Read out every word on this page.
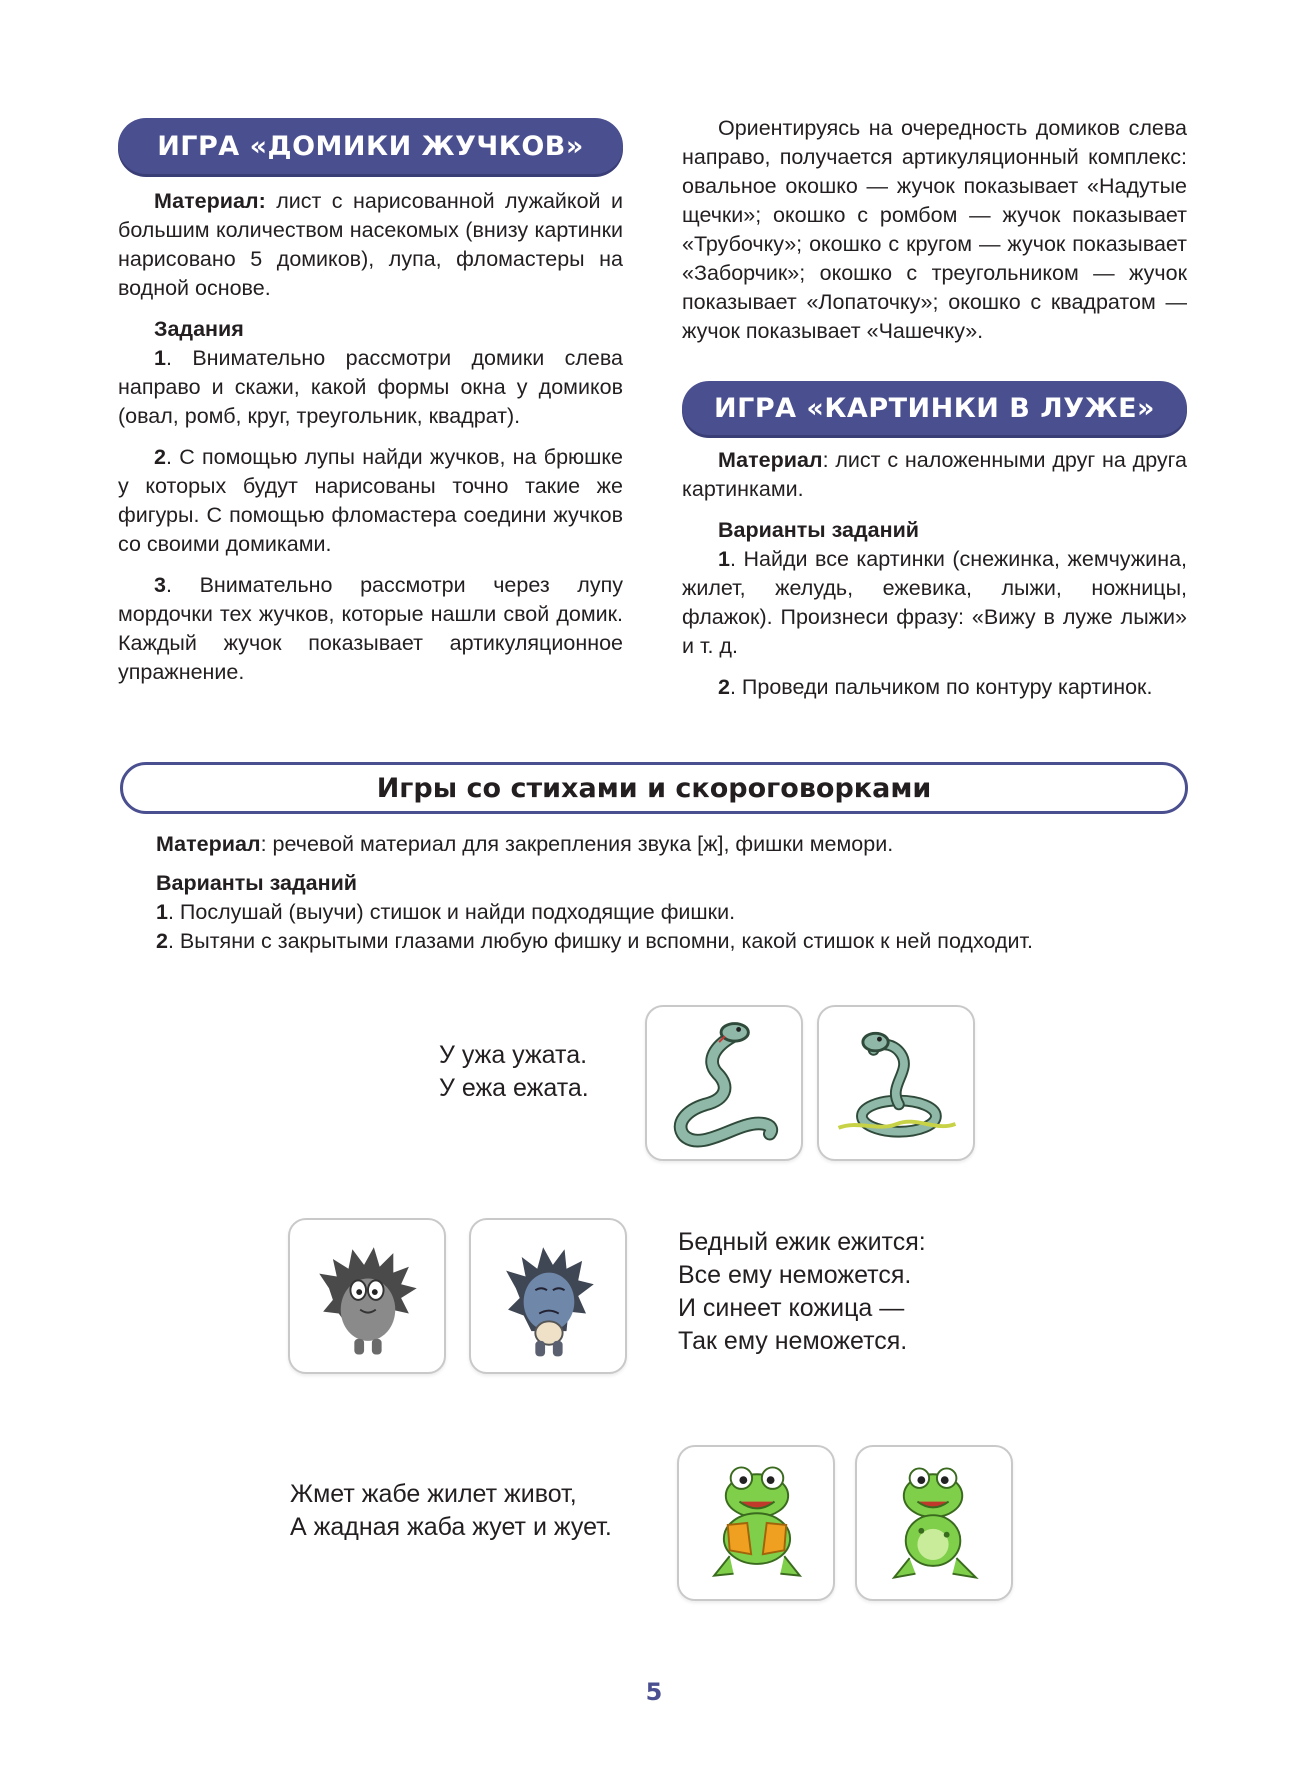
ИГРА «ДОМИКИ ЖУЧКОВ»

Материал: лист с нарисованной лужайкой и большим количеством насекомых (внизу картинки нарисовано 5 домиков), лупа, фломастеры на водной основе.

Задания
1. Внимательно рассмотри домики слева направо и скажи, какой формы окна у домиков (овал, ромб, круг, треугольник, квадрат).
2. С помощью лупы найди жучков, на брюшке у которых будут нарисованы точно такие же фигуры. С помощью фломастера соедини жучков со своими домиками.
3. Внимательно рассмотри через лупу мордочки тех жучков, которые нашли свой домик. Каждый жучок показывает артикуляционное упражнение.

Ориентируясь на очередность домиков слева направо, получается артикуляционный комплекс: овальное окошко — жучок показывает «Надутые щечки»; окошко с ромбом — жучок показывает «Трубочку»; окошко с кругом — жучок показывает «Заборчик»; окошко с треугольником — жучок показывает «Лопаточку»; окошко с квадратом — жучок показывает «Чашечку».

ИГРА «КАРТИНКИ В ЛУЖЕ»

Материал: лист с наложенными друг на друга картинками.

Варианты заданий
1. Найди все картинки (снежинка, жемчужина, жилет, желудь, ежевика, лыжи, ножницы, флажок). Произнеси фразу: «Вижу в луже лыжи» и т. д.
2. Проведи пальчиком по контуру картинок.
Игры со стихами и скороговорками
Материал: речевой материал для закрепления звука [ж], фишки мемори.
Варианты заданий
1. Послушай (выучи) стишок и найди подходящие фишки.
2. Вытяни с закрытыми глазами любую фишку и вспомни, какой стишок к ней подходит.
У ужа ужата.
У ежа ежата.
Бедный ежик ежится:
Все ему неможется.
И синеет кожица —
Так ему неможется.
Жмет жабе жилет живот,
А жадная жаба жует и жует.
5
